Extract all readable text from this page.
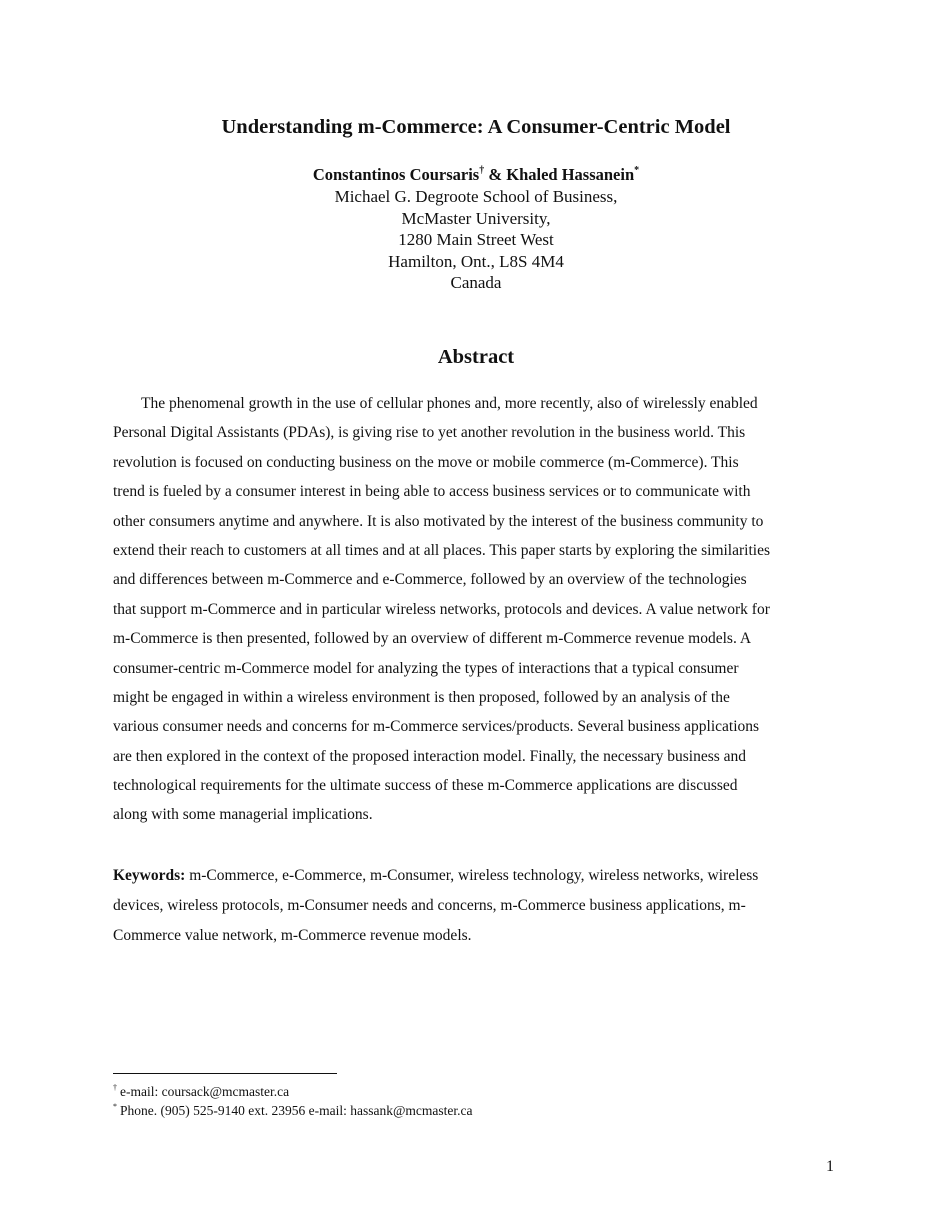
Understanding m-Commerce: A Consumer-Centric Model
Constantinos Coursaris† & Khaled Hassanein*
Michael G. Degroote School of Business,
McMaster University,
1280 Main Street West
Hamilton, Ont., L8S 4M4
Canada
Abstract
The phenomenal growth in the use of cellular phones and, more recently, also of wirelessly enabled
Personal Digital Assistants (PDAs), is giving rise to yet another revolution in the business world. This
revolution is focused on conducting business on the move or mobile commerce (m-Commerce). This
trend is fueled by a consumer interest in being able to access business services or to communicate with
other consumers anytime and anywhere. It is also motivated by the interest of the business community to
extend their reach to customers at all times and at all places. This paper starts by exploring the similarities
and differences between m-Commerce and e-Commerce, followed by an overview of the technologies
that support m-Commerce and in particular wireless networks, protocols and devices. A value network for
m-Commerce is then presented, followed by an overview of different m-Commerce revenue models. A
consumer-centric m-Commerce model for analyzing the types of interactions that a typical consumer
might be engaged in within a wireless environment is then proposed, followed by an analysis of the
various consumer needs and concerns for m-Commerce services/products. Several business applications
are then explored in the context of the proposed interaction model. Finally, the necessary business and
technological requirements for the ultimate success of these m-Commerce applications are discussed
along with some managerial implications.
Keywords: m-Commerce, e-Commerce, m-Consumer, wireless technology, wireless networks, wireless
devices, wireless protocols, m-Consumer needs and concerns, m-Commerce business applications, m-
Commerce value network, m-Commerce revenue models.
† e-mail: coursack@mcmaster.ca
* Phone. (905) 525-9140 ext. 23956 e-mail: hassank@mcmaster.ca
1
